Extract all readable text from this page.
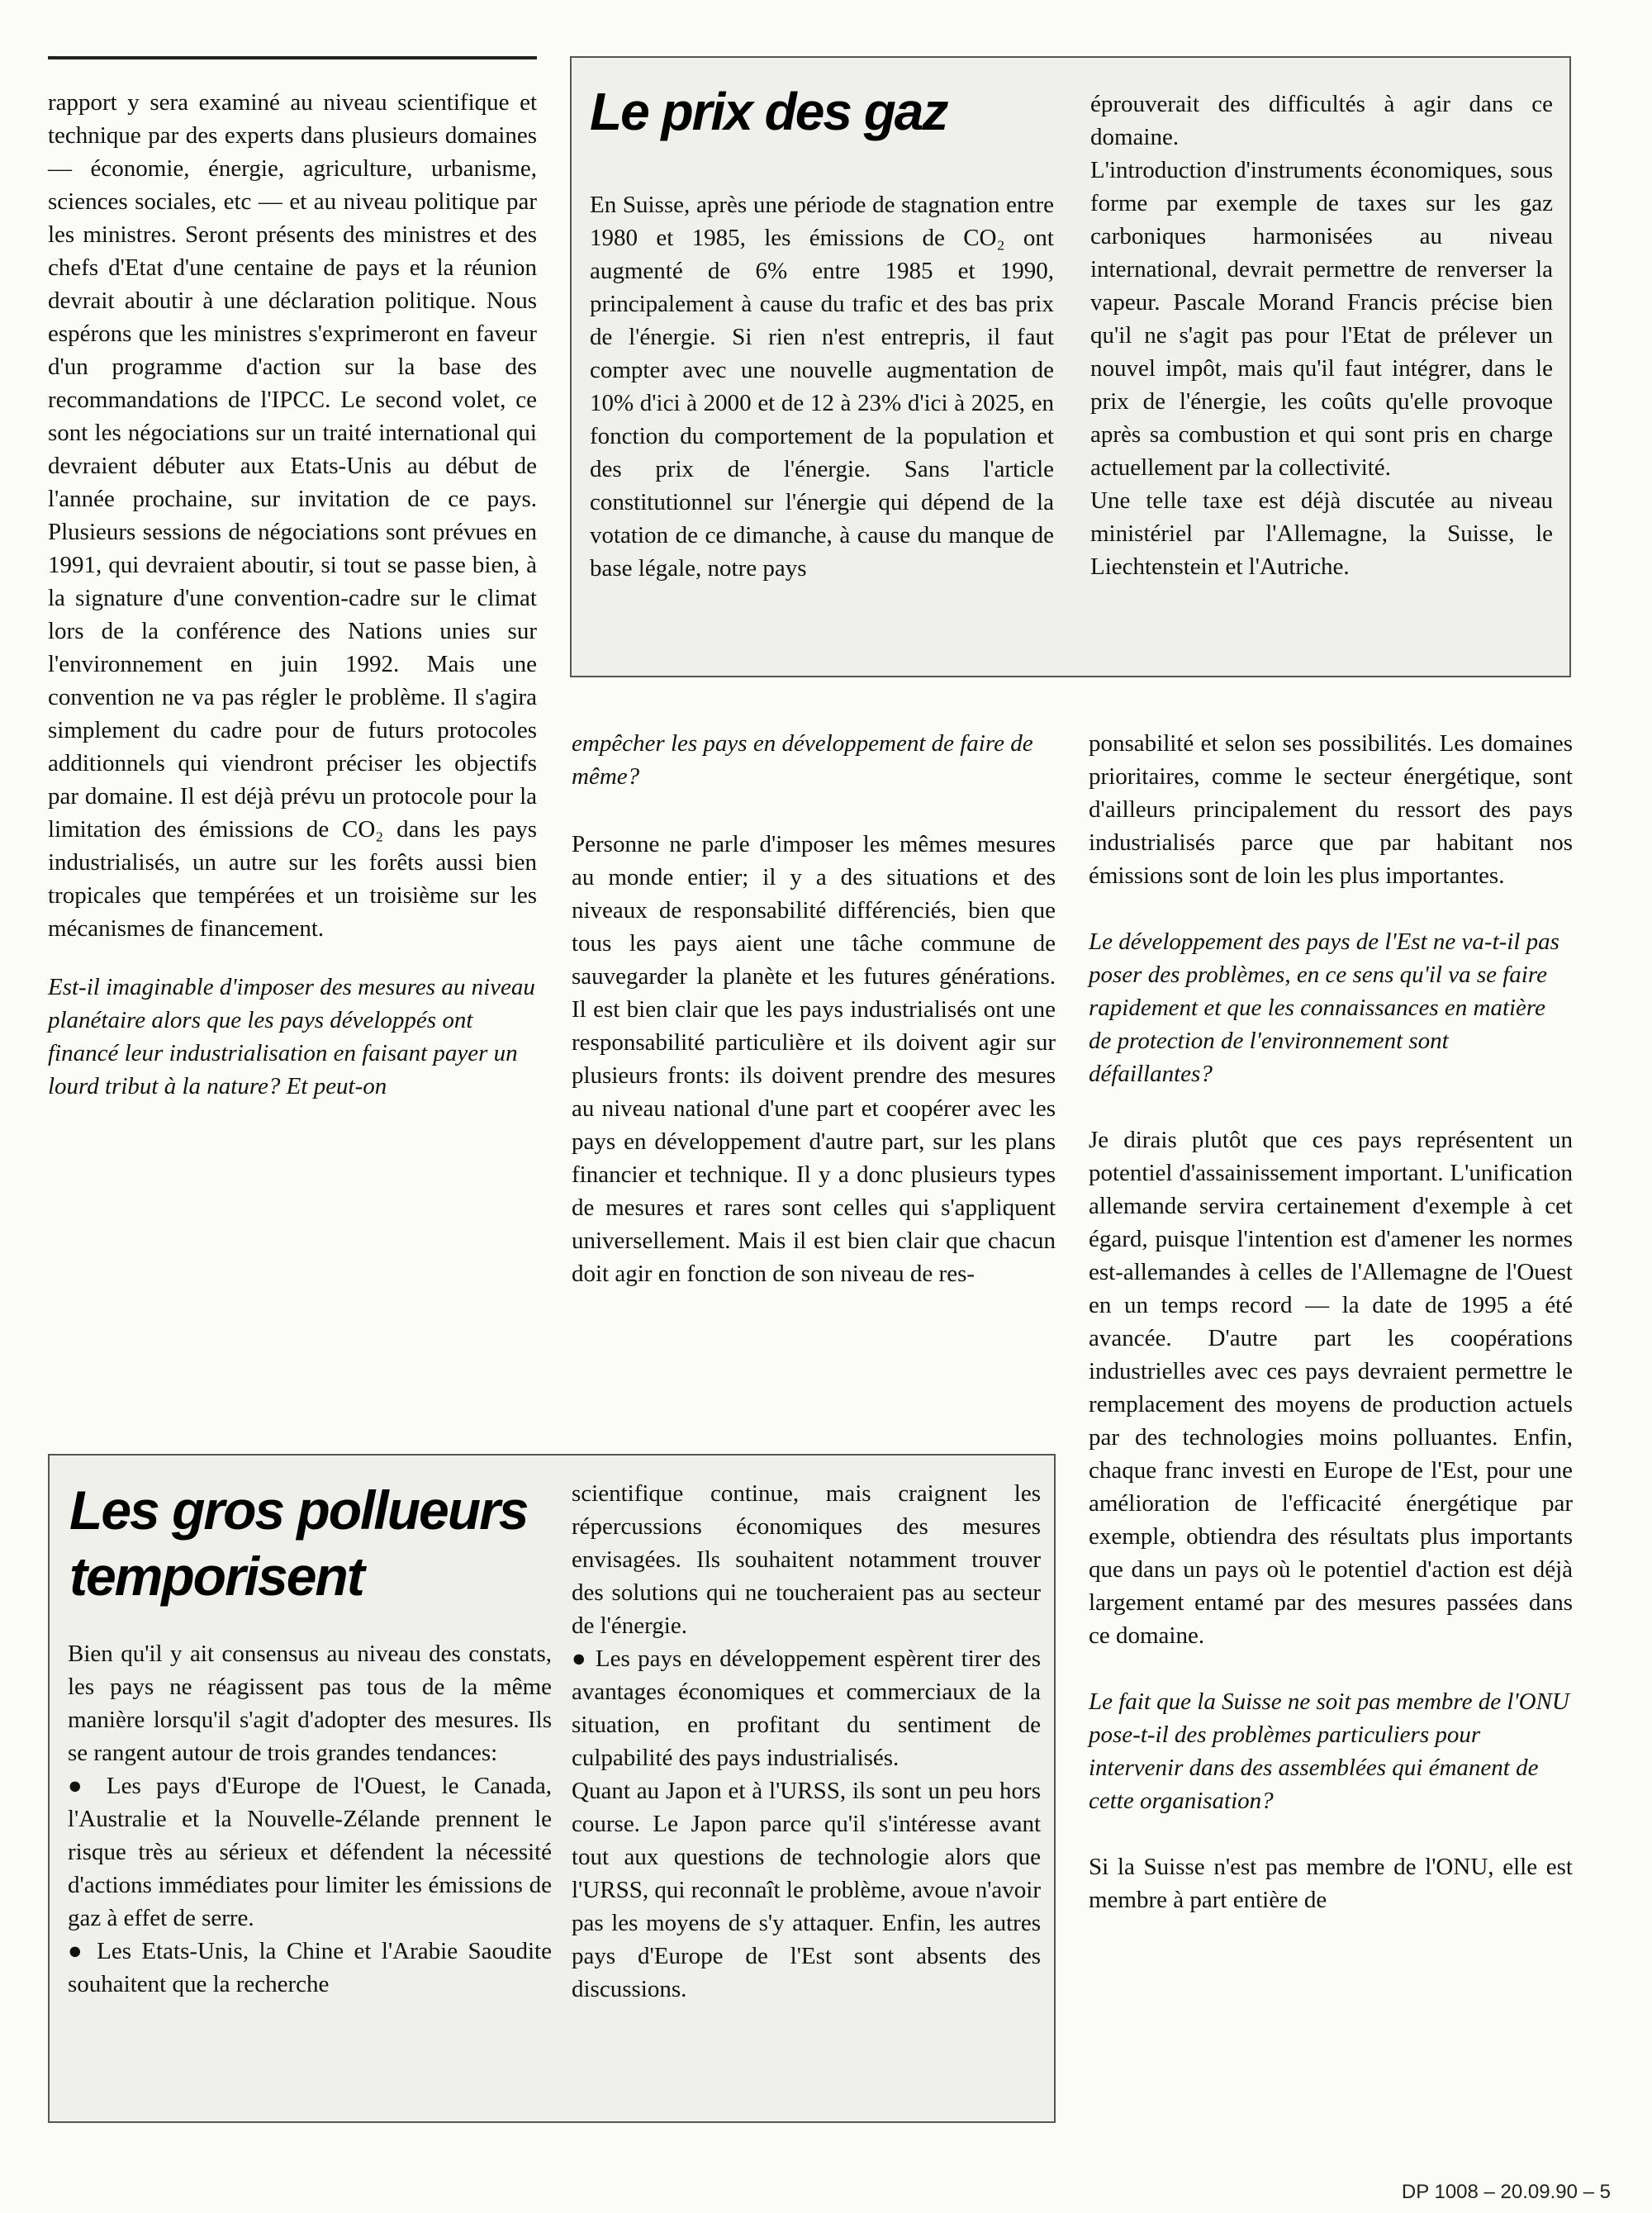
rapport y sera examiné au niveau scientifique et technique par des experts dans plusieurs domaines — économie, énergie, agriculture, urbanisme, sciences sociales, etc — et au niveau politique par les ministres. Seront présents des ministres et des chefs d'Etat d'une centaine de pays et la réunion devrait aboutir à une déclaration politique. Nous espérons que les ministres s'exprimeront en faveur d'un programme d'action sur la base des recommandations de l'IPCC. Le second volet, ce sont les négociations sur un traité international qui devraient débuter aux Etats-Unis au début de l'année prochaine, sur invitation de ce pays. Plusieurs sessions de négociations sont prévues en 1991, qui devraient aboutir, si tout se passe bien, à la signature d'une convention-cadre sur le climat lors de la conférence des Nations unies sur l'environnement en juin 1992. Mais une convention ne va pas régler le problème. Il s'agira simplement du cadre pour de futurs protocoles additionnels qui viendront préciser les objectifs par domaine. Il est déjà prévu un protocole pour la limitation des émissions de CO₂ dans les pays industrialisés, un autre sur les forêts aussi bien tropicales que tempérées et un troisième sur les mécanismes de financement.

Est-il imaginable d'imposer des mesures au niveau planétaire alors que les pays développés ont financé leur industrialisation en faisant payer un lourd tribut à la nature? Et peut-on

Le prix des gaz

En Suisse, après une période de stagnation entre 1980 et 1985, les émissions de CO₂ ont augmenté de 6% entre 1985 et 1990, principalement à cause du trafic et des bas prix de l'énergie. Si rien n'est entrepris, il faut compter avec une nouvelle augmentation de 10% d'ici à 2000 et de 12 à 23% d'ici à 2025, en fonction du comportement de la population et des prix de l'énergie. Sans l'article constitutionnel sur l'énergie qui dépend de la votation de ce dimanche, à cause du manque de base légale, notre pays

éprouverait des difficultés à agir dans ce domaine.

L'introduction d'instruments économiques, sous forme par exemple de taxes sur les gaz carboniques harmonisées au niveau international, devrait permettre de renverser la vapeur. Pascale Morand Francis précise bien qu'il ne s'agit pas pour l'Etat de prélever un nouvel impôt, mais qu'il faut intégrer, dans le prix de l'énergie, les coûts qu'elle provoque après sa combustion et qui sont pris en charge actuellement par la collectivité.

Une telle taxe est déjà discutée au niveau ministériel par l'Allemagne, la Suisse, le Liechtenstein et l'Autriche.

empêcher les pays en développement de faire de même?

Personne ne parle d'imposer les mêmes mesures au monde entier; il y a des situations et des niveaux de responsabilité différenciés, bien que tous les pays aient une tâche commune de sauvegarder la planète et les futures générations. Il est bien clair que les pays industrialisés ont une responsabilité particulière et ils doivent agir sur plusieurs fronts: ils doivent prendre des mesures au niveau national d'une part et coopérer avec les pays en développement d'autre part, sur les plans financier et technique. Il y a donc plusieurs types de mesures et rares sont celles qui s'appliquent universellement. Mais il est bien clair que chacun doit agir en fonction de son niveau de res-

ponsabilité et selon ses possibilités. Les domaines prioritaires, comme le secteur énergétique, sont d'ailleurs principalement du ressort des pays industrialisés parce que par habitant nos émissions sont de loin les plus importantes.

Le développement des pays de l'Est ne va-t-il pas poser des problèmes, en ce sens qu'il va se faire rapidement et que les connaissances en matière de protection de l'environnement sont défaillantes?

Je dirais plutôt que ces pays représentent un potentiel d'assainissement important. L'unification allemande servira certainement d'exemple à cet égard, puisque l'intention est d'amener les normes est-allemandes à celles de l'Allemagne de l'Ouest en un temps record — la date de 1995 a été avancée. D'autre part les coopérations industrielles avec ces pays devraient permettre le remplacement des moyens de production actuels par des technologies moins polluantes. Enfin, chaque franc investi en Europe de l'Est, pour une amélioration de l'efficacité énergétique par exemple, obtiendra des résultats plus importants que dans un pays où le potentiel d'action est déjà largement entamé par des mesures passées dans ce domaine.

Le fait que la Suisse ne soit pas membre de l'ONU pose-t-il des problèmes particuliers pour intervenir dans des assemblées qui émanent de cette organisation?

Si la Suisse n'est pas membre de l'ONU, elle est membre à part entière de

Les gros pollueurs
temporisent

Bien qu'il y ait consensus au niveau des constats, les pays ne réagissent pas tous de la même manière lorsqu'il s'agit d'adopter des mesures. Ils se rangent autour de trois grandes tendances:

● Les pays d'Europe de l'Ouest, le Canada, l'Australie et la Nouvelle-Zélande prennent le risque très au sérieux et défendent la nécessité d'actions immédiates pour limiter les émissions de gaz à effet de serre.

● Les Etats-Unis, la Chine et l'Arabie Saoudite souhaitent que la recherche

scientifique continue, mais craignent les répercussions économiques des mesures envisagées. Ils souhaitent notamment trouver des solutions qui ne toucheraient pas au secteur de l'énergie.

● Les pays en développement espèrent tirer des avantages économiques et commerciaux de la situation, en profitant du sentiment de culpabilité des pays industrialisés.

Quant au Japon et à l'URSS, ils sont un peu hors course. Le Japon parce qu'il s'intéresse avant tout aux questions de technologie alors que l'URSS, qui reconnaît le problème, avoue n'avoir pas les moyens de s'y attaquer. Enfin, les autres pays d'Europe de l'Est sont absents des discussions.

DP 1008 – 20.09.90 – 5
